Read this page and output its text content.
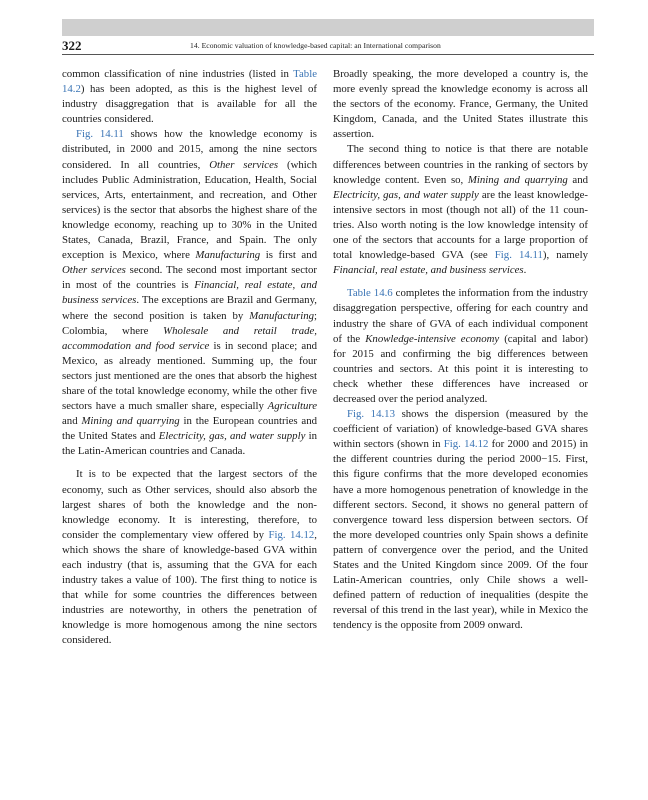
322	14. Economic valuation of knowledge-based capital: an International comparison

common classification of nine industries (listed in Table 14.2) has been adopted, as this is the highest level of industry disaggregation that is available for all the countries considered.

Fig. 14.11 shows how the knowledge economy is distributed, in 2000 and 2015, among the nine sectors considered. In all countries, Other services (which includes Public Administration, Education, Health, Social services, Arts, entertainment, and recreation, and Other services) is the sector that absorbs the highest share of the knowledge economy, reaching up to 30% in the United States, Canada, Brazil, France, and Spain. The only exception is Mexico, where Manufacturing is first and Other services second. The second most important sector in most of the countries is Financial, real estate, and business services. The exceptions are Brazil and Germany, where the second position is taken by Manufacturing; Colombia, where Wholesale and retail trade, accommodation and food service is in second place; and Mexico, as already mentioned. Summing up, the four sectors just mentioned are the ones that absorb the highest share of the total knowledge economy, while the other five sectors have a much smaller share, especially Agriculture and Mining and quarrying in the European countries and the United States and Electricity, gas, and water supply in the Latin-American countries and Canada.

It is to be expected that the largest sectors of the economy, such as Other services, should also absorb the largest shares of both the knowledge and the non-knowledge economy. It is interesting, therefore, to consider the complementary view offered by Fig. 14.12, which shows the share of knowledge-based GVA within each industry (that is, assuming that the GVA for each industry takes a value of 100). The first thing to notice is that while for some countries the differences between industries are noteworthy, in others the penetration of knowledge is more homogenous among the nine sectors considered.

Broadly speaking, the more developed a country is, the more evenly spread the knowledge economy is across all the sectors of the economy. France, Germany, the United Kingdom, Canada, and the United States illustrate this assertion.

The second thing to notice is that there are notable differences between countries in the ranking of sectors by knowledge content. Even so, Mining and quarrying and Electricity, gas, and water supply are the least knowledge-intensive sectors in most (though not all) of the 11 countries. Also worth noting is the low knowledge intensity of one of the sectors that accounts for a large proportion of total knowledge-based GVA (see Fig. 14.11), namely Financial, real estate, and business services.

Table 14.6 completes the information from the industry disaggregation perspective, offering for each country and industry the share of GVA of each individual component of the Knowledge-intensive economy (capital and labor) for 2015 and confirming the big differences between countries and sectors. At this point it is interesting to check whether these differences have increased or decreased over the period analyzed.

Fig. 14.13 shows the dispersion (measured by the coefficient of variation) of knowledge-based GVA shares within sectors (shown in Fig. 14.12 for 2000 and 2015) in the different countries during the period 2000−15. First, this figure confirms that the more developed economies have a more homogenous penetration of knowledge in the different sectors. Second, it shows no general pattern of convergence toward less dispersion between sectors. Of the more developed countries only Spain shows a definite pattern of convergence over the period, and the United States and the United Kingdom since 2009. Of the four Latin-American countries, only Chile shows a well-defined pattern of reduction of inequalities (despite the reversal of this trend in the last year), while in Mexico the tendency is the opposite from 2009 onward.
